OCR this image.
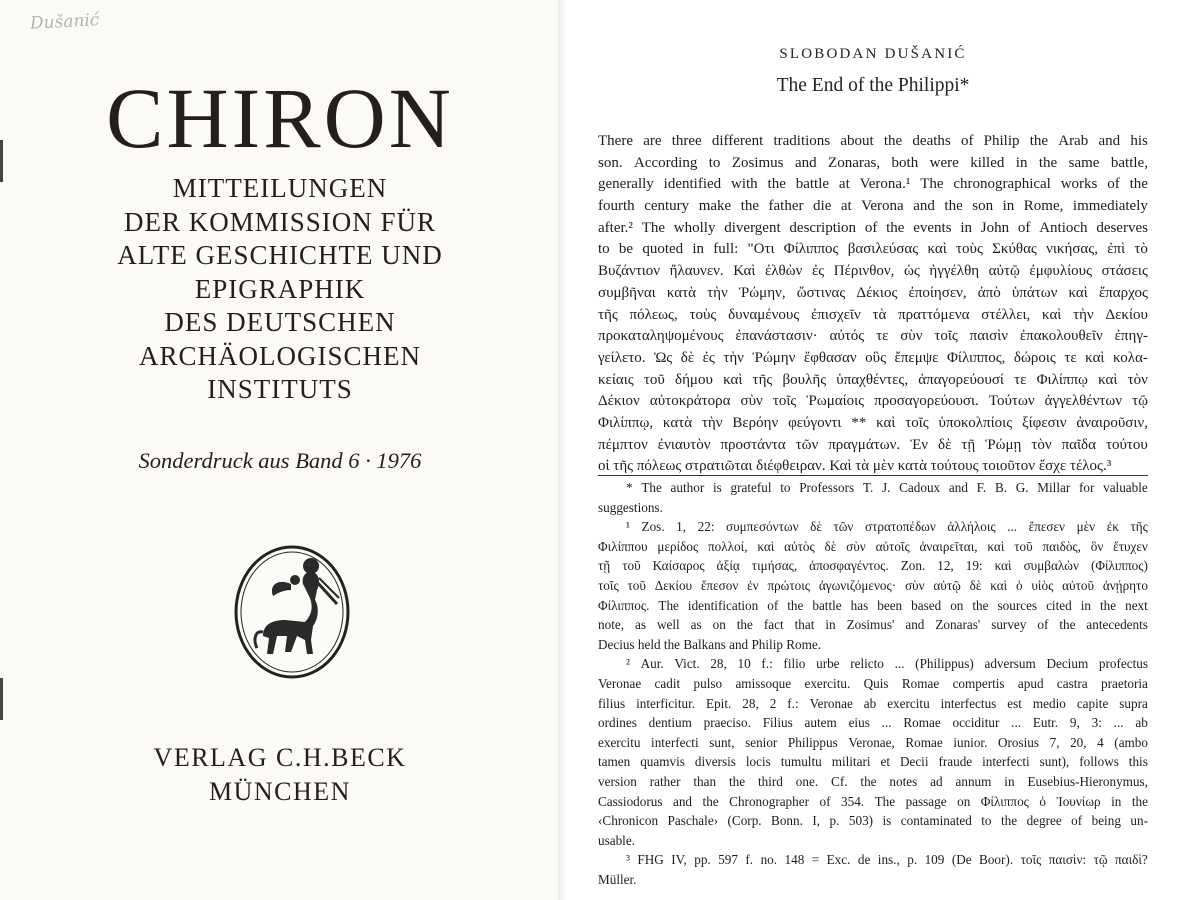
Dušanić
CHIRON
MITTEILUNGEN
DER KOMMISSION FÜR
ALTE GESCHICHTE UND
EPIGRAPHIK
DES DEUTSCHEN
ARCHÄOLOGISCHEN
INSTITUTS
Sonderdruck aus Band 6 · 1976
VERLAG C.H.BECK
MÜNCHEN
SLOBODAN DUŠANIĆ
The End of the Philippi*
There are three different traditions about the deaths of Philip the Arab and his
son. According to Zosimus and Zonaras, both were killed in the same battle,
generally identified with the battle at Verona.¹ The chronographical works of the
fourth century make the father die at Verona and the son in Rome, immediately
after.² The wholly divergent description of the events in John of Antioch deserves
to be quoted in full: "Οτι Φίλιππος βασιλεύσας καὶ τοὺς Σκύθας νικήσας, ἐπὶ τὸ
Βυζάντιον ἤλαυνεν. Καὶ ἐλθὼν ἐς Πέρινθον, ὡς ἠγγέλθη αὐτῷ ἐμφυλίους στάσεις
συμβῆναι κατὰ τὴν Ῥώμην, ὥστινας Δέκιος ἐποίησεν, ἀπὸ ὑπάτων καὶ ἔπαρχος
τῆς πόλεως, τοὺς δυναμένους ἐπισχεῖν τὰ πραττόμενα στέλλει, καὶ τὴν Δεκίου
προκαταληψομένους ἐπανάστασιν· αὐτός τε σὺν τοῖς παισὶν ἐπακολουθεῖν ἐπηγ-
γείλετο. Ὡς δὲ ἐς τὴν Ῥώμην ἔφθασαν οὓς ἔπεμψε Φίλιππος, δώροις τε καὶ κολα-
κείαις τοῦ δήμου καὶ τῆς βουλῆς ὑπαχθέντες, ἀπαγορεύουσί τε Φιλίππῳ καὶ τὸν
Δέκιον αὐτοκράτορα σὺν τοῖς Ῥωμαίοις προσαγορεύουσι. Τούτων ἀγγελθέντων τῷ
Φιλίππῳ, κατὰ τὴν Βερόην φεύγοντι ** καὶ τοῖς ὑποκολπίοις ξίφεσιν ἀναιροῦσιν,
πέμπτον ἐνιαυτὸν προστάντα τῶν πραγμάτων. Ἐν δὲ τῇ Ῥώμῃ τὸν παῖδα τούτου
οἱ τῆς πόλεως στρατιῶται διέφθειραν. Καὶ τὰ μὲν κατὰ τούτους τοιοῦτον ἔσχε τέλος.³
* The author is grateful to Professors T. J. Cadoux and F. B. G. Millar for valuable
suggestions.
¹ Zos. 1, 22: συμπεσόντων δὲ τῶν στρατοπέδων ἀλλήλοις ... ἔπεσεν μὲν ἐκ τῆς
Φιλίππου μερίδος πολλοί, καὶ αὐτὸς δὲ σὺν αὐτοῖς ἀναιρεῖται, καὶ τοῦ παιδὸς, ὃν ἔτυχεν
τῇ τοῦ Καίσαρος ἀξίᾳ τιμήσας, ἀποσφαγέντος. Zon. 12, 19: καὶ συμβαλὼν (Φίλιππος)
τοῖς τοῦ Δεκίου ἔπεσον ἐν πρώτοις ἀγωνιζόμενος· σὺν αὐτῷ δὲ καὶ ὁ υἱὸς αὐτοῦ ἀνῄρητο
Φίλιππος. The identification of the battle has been based on the sources cited in the next
note, as well as on the fact that in Zosimus' and Zonaras' survey of the antecedents
Decius held the Balkans and Philip Rome.
² Aur. Vict. 28, 10 f.: filio urbe relicto ... (Philippus) adversum Decium profectus
Veronae cadit pulso amissoque exercitu. Quis Romae compertis apud castra praetoria
filius interficitur. Epit. 28, 2 f.: Veronae ab exercitu interfectus est medio capite supra
ordines dentium praeciso. Filius autem eius ... Romae occiditur ... Eutr. 9, 3: ... ab
exercitu interfecti sunt, senior Philippus Veronae, Romae iunior. Orosius 7, 20, 4 (ambo
tamen quamvis diversis locis tumultu militari et Decii fraude interfecti sunt), follows this
version rather than the third one. Cf. the notes ad annum in Eusebius-Hieronymus,
Cassiodorus and the Chronographer of 354. The passage on Φίλιππος ὁ Ἰουνίωρ in the
‹Chronicon Paschale› (Corp. Bonn. I, p. 503) is contaminated to the degree of being un-
usable.
³ FHG IV, pp. 597 f. no. 148 = Exc. de ins., p. 109 (De Boor). τοῖς παισὶν: τῷ παιδὶ?
Müller.
